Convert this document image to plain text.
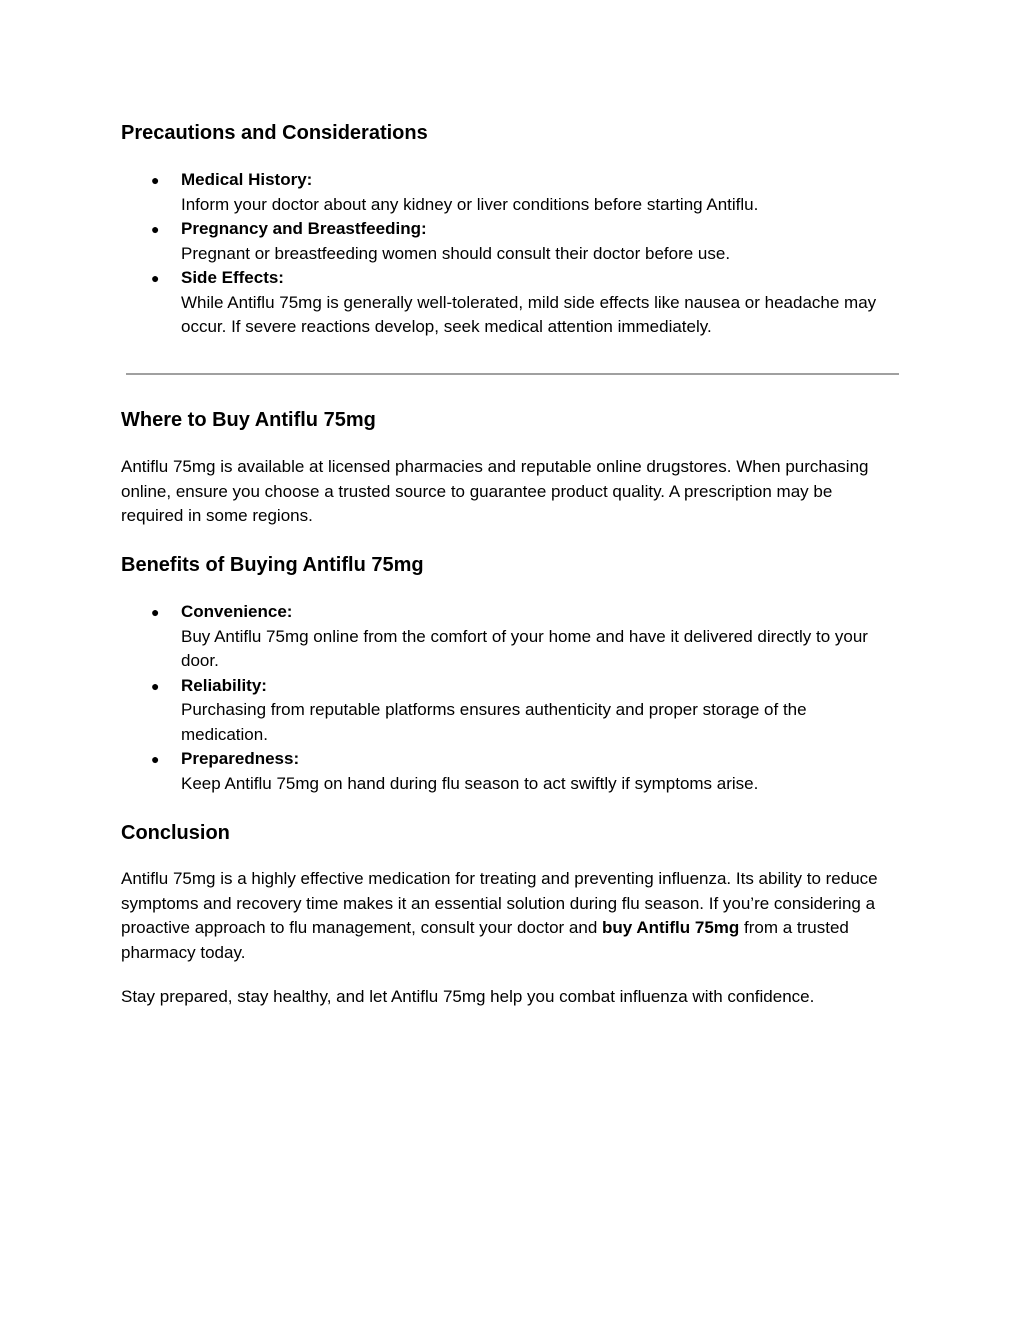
Precautions and Considerations
● Medical History:
Inform your doctor about any kidney or liver conditions before starting Antiflu.
● Pregnancy and Breastfeeding:
Pregnant or breastfeeding women should consult their doctor before use.
● Side Effects:
While Antiflu 75mg is generally well-tolerated, mild side effects like nausea or headache may occur. If severe reactions develop, seek medical attention immediately.
Where to Buy Antiflu 75mg

Antiflu 75mg is available at licensed pharmacies and reputable online drugstores. When purchasing online, ensure you choose a trusted source to guarantee product quality. A prescription may be required in some regions.

Benefits of Buying Antiflu 75mg
● Convenience:
Buy Antiflu 75mg online from the comfort of your home and have it delivered directly to your door.
● Reliability:
Purchasing from reputable platforms ensures authenticity and proper storage of the medication.
● Preparedness:
Keep Antiflu 75mg on hand during flu season to act swiftly if symptoms arise.
Conclusion

Antiflu 75mg is a highly effective medication for treating and preventing influenza. Its ability to reduce symptoms and recovery time makes it an essential solution during flu season. If you’re considering a proactive approach to flu management, consult your doctor and buy Antiflu 75mg from a trusted pharmacy today.

Stay prepared, stay healthy, and let Antiflu 75mg help you combat influenza with confidence.
